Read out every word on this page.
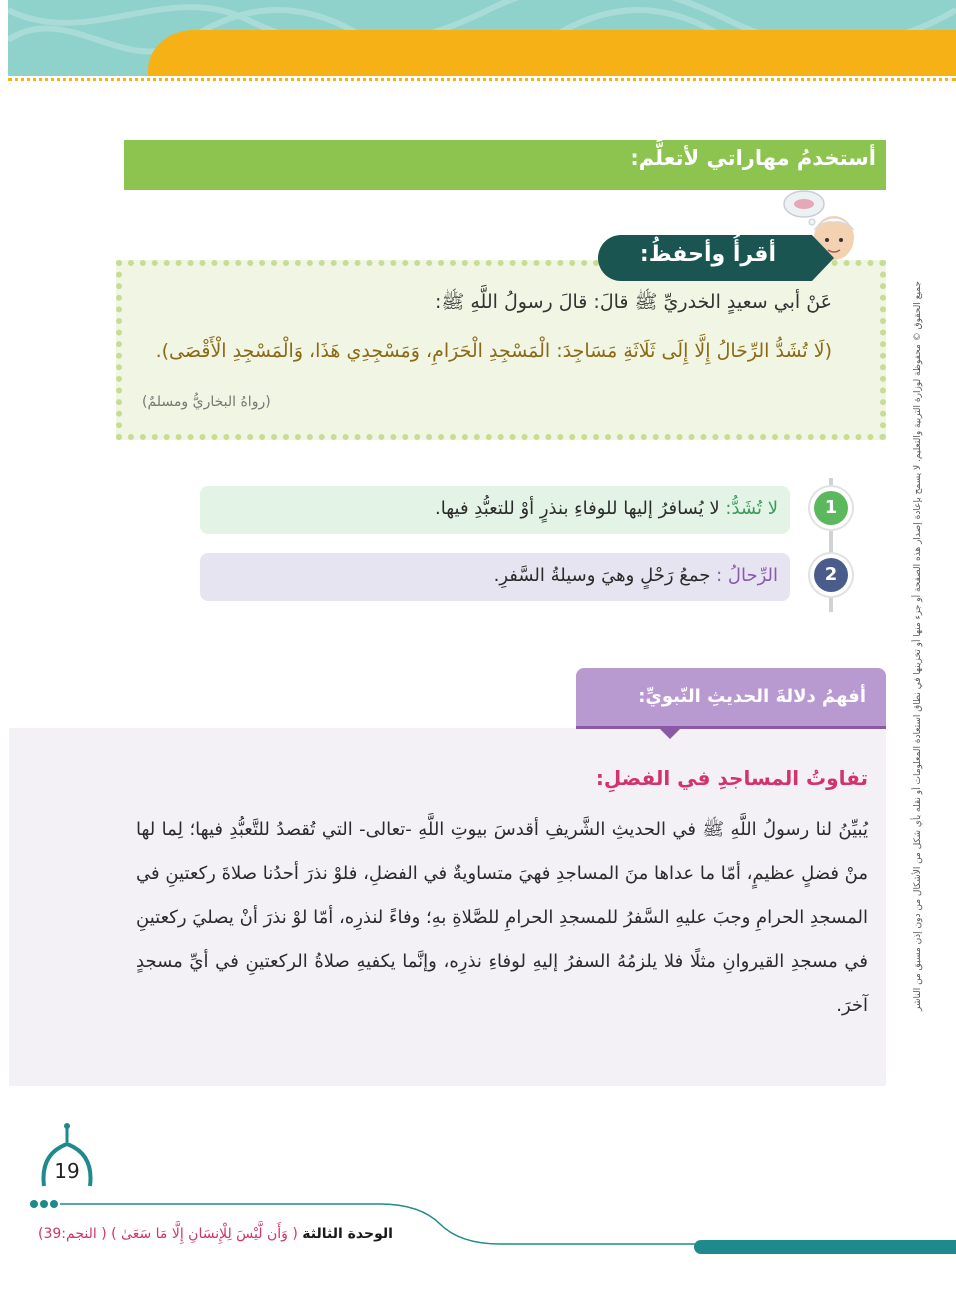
أستخدمُ مهاراتي لأتعلَّم:
أقرأُ وأحفظُ:
عَنْ أبي سعيدٍ الخدريِّ ﷺ قالَ: قالَ رسولُ اللَّهِ ﷺ:
(لَا تُشَدُّ الرِّحَالُ إِلَّا إِلَى ثَلَاثَةِ مَسَاجِدَ: الْمَسْجِدِ الْحَرَامِ، وَمَسْجِدِي هَذَا، وَالْمَسْجِدِ الْأَقْصَى).
(رواهُ البخاريُّ ومسلمٌ)
1
لا تُشَدُّ: لا يُسافرُ إليها للوفاءِ بنذرٍ أوْ للتعبُّدِ فيها.
2
الرِّحالُ : جمعُ رَحْلٍ وهيَ وسيلةُ السَّفرِ.
أفهمُ دلالةَ الحديثِ النّبويِّ:
تفاوتُ المساجدِ في الفضلِ:
يُبيِّنُ لنا رسولُ اللَّهِ ﷺ في الحديثِ الشَّريفِ أقدسَ بيوتِ اللَّهِ -تعالى- التي تُقصدُ للتَّعبُّدِ فيها؛ لِما لها منْ فضلٍ عظيمٍ، أمّا ما عداها منَ المساجدِ فهيَ متساويةٌ في الفضلِ، فلوْ نذرَ أحدُنا صلاةَ ركعتينِ في المسجدِ الحرامِ وجبَ عليهِ السَّفرُ للمسجدِ الحرامِ للصَّلاةِ بهِ؛ وفاءً لنذرِه، أمّا لوْ نذرَ أنْ يصليَ ركعتينِ في مسجدِ القيروانِ مثلًا فلا يلزمُهُ السفرُ إليهِ لوفاءِ نذرِه، وإنَّما يكفيهِ صلاةُ الركعتينِ في أيِّ مسجدٍ آخرَ.	جميع الحقوق © محفوظة لوزارة التربية والتعليم. لا يسمح بإعادة إصدار هذه الصفحة أو جزء منها أو تخزينها في نطاق استعادة المعلومات أو نقله بأي شكل من الأشكال من دون إذن مسبق من الناشر
19
الوحدة الثالثة ( وَأَن لَّيْسَ لِلْإِنسَانِ إِلَّا مَا سَعَىٰ ) ( النجم:39)
